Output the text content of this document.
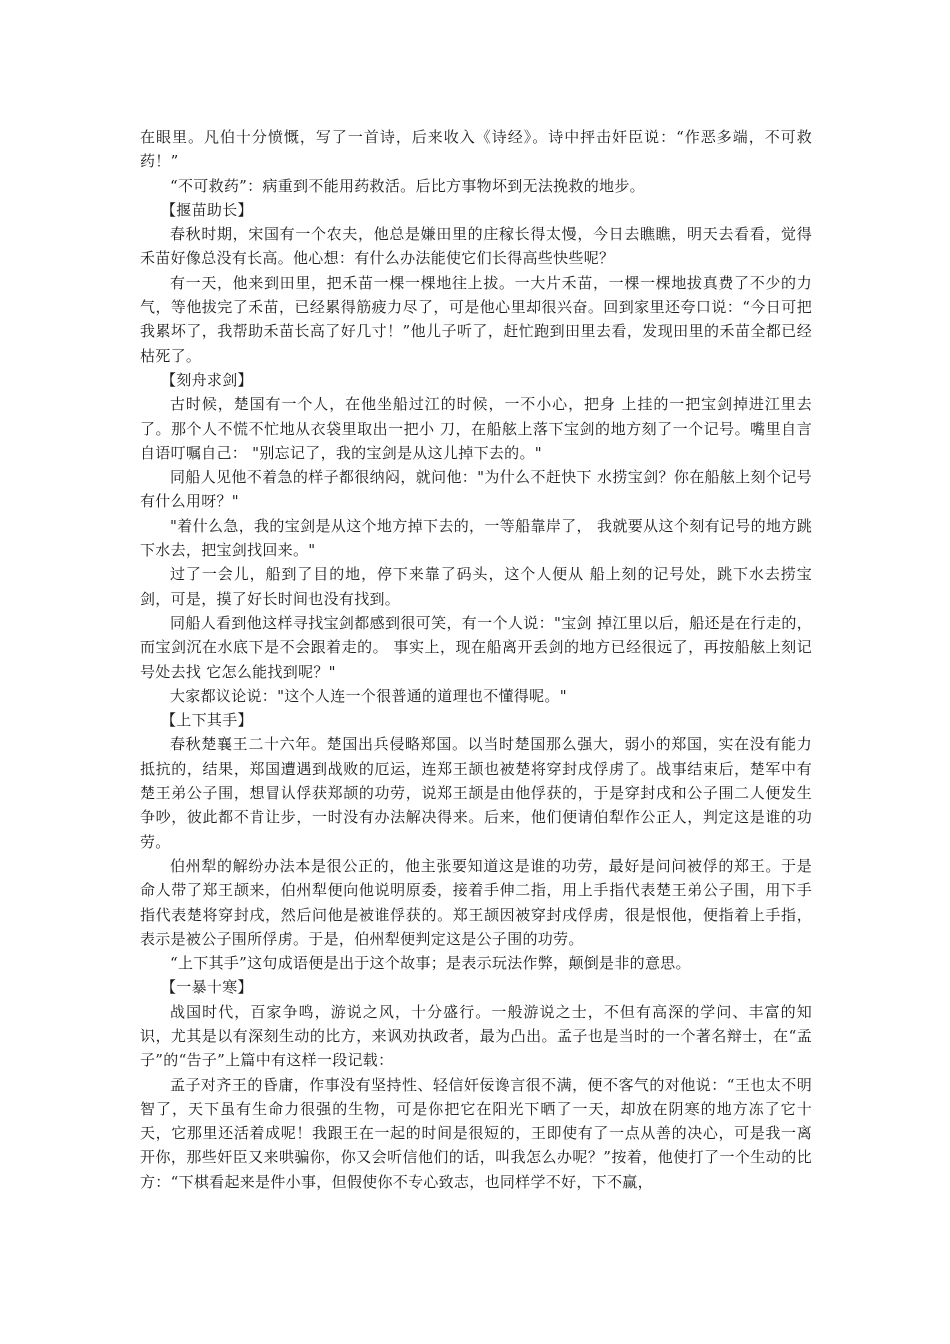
在眼里。凡伯十分愤慨，写了一首诗，后来收入《诗经》。诗中抨击奸臣说：“作恶多端，不可救药！”

“不可救药”：病重到不能用药救活。后比方事物坏到无法挽救的地步。

【揠苗助长】

春秋时期，宋国有一个农夫，他总是嫌田里的庄稼长得太慢，今日去瞧瞧，明天去看看，觉得禾苗好像总没有长高。他心想：有什么办法能使它们长得高些快些呢？

有一天，他来到田里，把禾苗一棵一棵地往上拔。一大片禾苗，一棵一棵地拔真费了不少的力气，等他拔完了禾苗，已经累得筋疲力尽了，可是他心里却很兴奋。回到家里还夸口说：“今日可把我累坏了，我帮助禾苗长高了好几寸！”他儿子听了，赶忙跑到田里去看，发现田里的禾苗全都已经枯死了。

【刻舟求剑】

古时候，楚国有一个人，在他坐船过江的时候，一不小心，把身 上挂的一把宝剑掉进江里去了。那个人不慌不忙地从衣袋里取出一把小 刀，在船舷上落下宝剑的地方刻了一个记号。嘴里自言自语叮嘱自己： "别忘记了，我的宝剑是从这儿掉下去的。"

同船人见他不着急的样子都很纳闷，就问他："为什么不赶快下 水捞宝剑？你在船舷上刻个记号有什么用呀？"

"着什么急，我的宝剑是从这个地方掉下去的，一等船靠岸了， 我就要从这个刻有记号的地方跳下水去，把宝剑找回来。"

过了一会儿，船到了目的地，停下来靠了码头，这个人便从 船上刻的记号处，跳下水去捞宝剑，可是，摸了好长时间也没有找到。

同船人看到他这样寻找宝剑都感到很可笑，有一个人说："宝剑 掉江里以后，船还是在行走的，而宝剑沉在水底下是不会跟着走的。 事实上，现在船离开丢剑的地方已经很远了，再按船舷上刻记号处去找 它怎么能找到呢？"

大家都议论说："这个人连一个很普通的道理也不懂得呢。"

【上下其手】

春秋楚襄王二十六年。楚国出兵侵略郑国。以当时楚国那么强大，弱小的郑国，实在没有能力抵抗的，结果，郑国遭遇到战败的厄运，连郑王颉也被楚将穿封戌俘虏了。战事结束后，楚军中有楚王弟公子围，想冒认俘获郑颉的功劳，说郑王颉是由他俘获的，于是穿封戌和公子围二人便发生争吵，彼此都不肯让步，一时没有办法解决得来。后来，他们便请伯犁作公正人，判定这是谁的功劳。

伯州犁的解纷办法本是很公正的，他主张要知道这是谁的功劳，最好是问问被俘的郑王。于是命人带了郑王颉来，伯州犁便向他说明原委，接着手伸二指，用上手指代表楚王弟公子围，用下手指代表楚将穿封戌，然后问他是被谁俘获的。郑王颉因被穿封戌俘虏，很是恨他，便指着上手指，表示是被公子围所俘虏。于是，伯州犁便判定这是公子围的功劳。

“上下其手”这句成语便是出于这个故事；是表示玩法作弊，颠倒是非的意思。

【一暴十寒】

战国时代，百家争鸣，游说之风，十分盛行。一般游说之士，不但有高深的学问、丰富的知识，尤其是以有深刻生动的比方，来讽劝执政者，最为凸出。孟子也是当时的一个著名辩士，在“孟子”的“告子”上篇中有这样一段记载：

孟子对齐王的昏庸，作事没有坚持性、轻信奸佞谗言很不满，便不客气的对他说：“王也太不明智了，天下虽有生命力很强的生物，可是你把它在阳光下晒了一天，却放在阴寒的地方冻了它十天，它那里还活着成呢！我跟王在一起的时间是很短的，王即使有了一点从善的决心，可是我一离开你，那些奸臣又来哄骗你，你又会听信他们的话，叫我怎么办呢？”按着，他使打了一个生动的比方：“下棋看起来是件小事，但假使你不专心致志，也同样学不好，下不赢，
